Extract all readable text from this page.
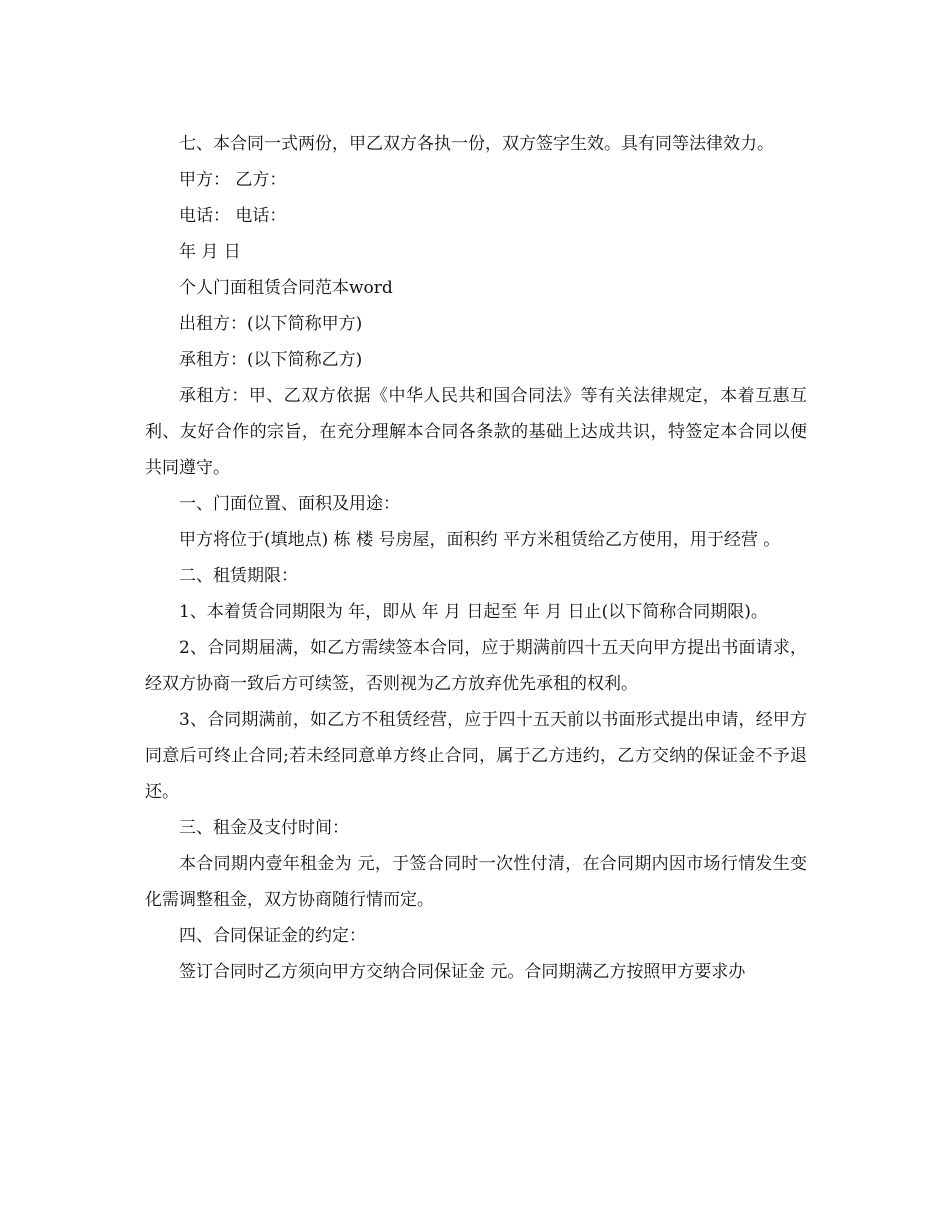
七、本合同一式两份，甲乙双方各执一份，双方签字生效。具有同等法律效力。

甲方： 乙方：

电话： 电话：

年 月 日

个人门面租赁合同范本word

出租方：(以下简称甲方)

承租方：(以下简称乙方)

承租方：甲、乙双方依据《中华人民共和国合同法》等有关法律规定，本着互惠互利、友好合作的宗旨，在充分理解本合同各条款的基础上达成共识，特签定本合同以便共同遵守。

一、门面位置、面积及用途：

甲方将位于(填地点) 栋 楼 号房屋，面积约 平方米租赁给乙方使用，用于经营 。

二、租赁期限：

1、本着赁合同期限为 年，即从 年 月 日起至 年 月 日止(以下简称合同期限)。

2、合同期届满，如乙方需续签本合同，应于期满前四十五天向甲方提出书面请求，经双方协商一致后方可续签，否则视为乙方放弃优先承租的权利。

3、合同期满前，如乙方不租赁经营，应于四十五天前以书面形式提出申请，经甲方同意后可终止合同;若未经同意单方终止合同，属于乙方违约，乙方交纳的保证金不予退还。

三、租金及支付时间：

本合同期内壹年租金为 元，于签合同时一次性付清，在合同期内因市场行情发生变化需调整租金，双方协商随行情而定。

四、合同保证金的约定：

签订合同时乙方须向甲方交纳合同保证金 元。合同期满乙方按照甲方要求办
